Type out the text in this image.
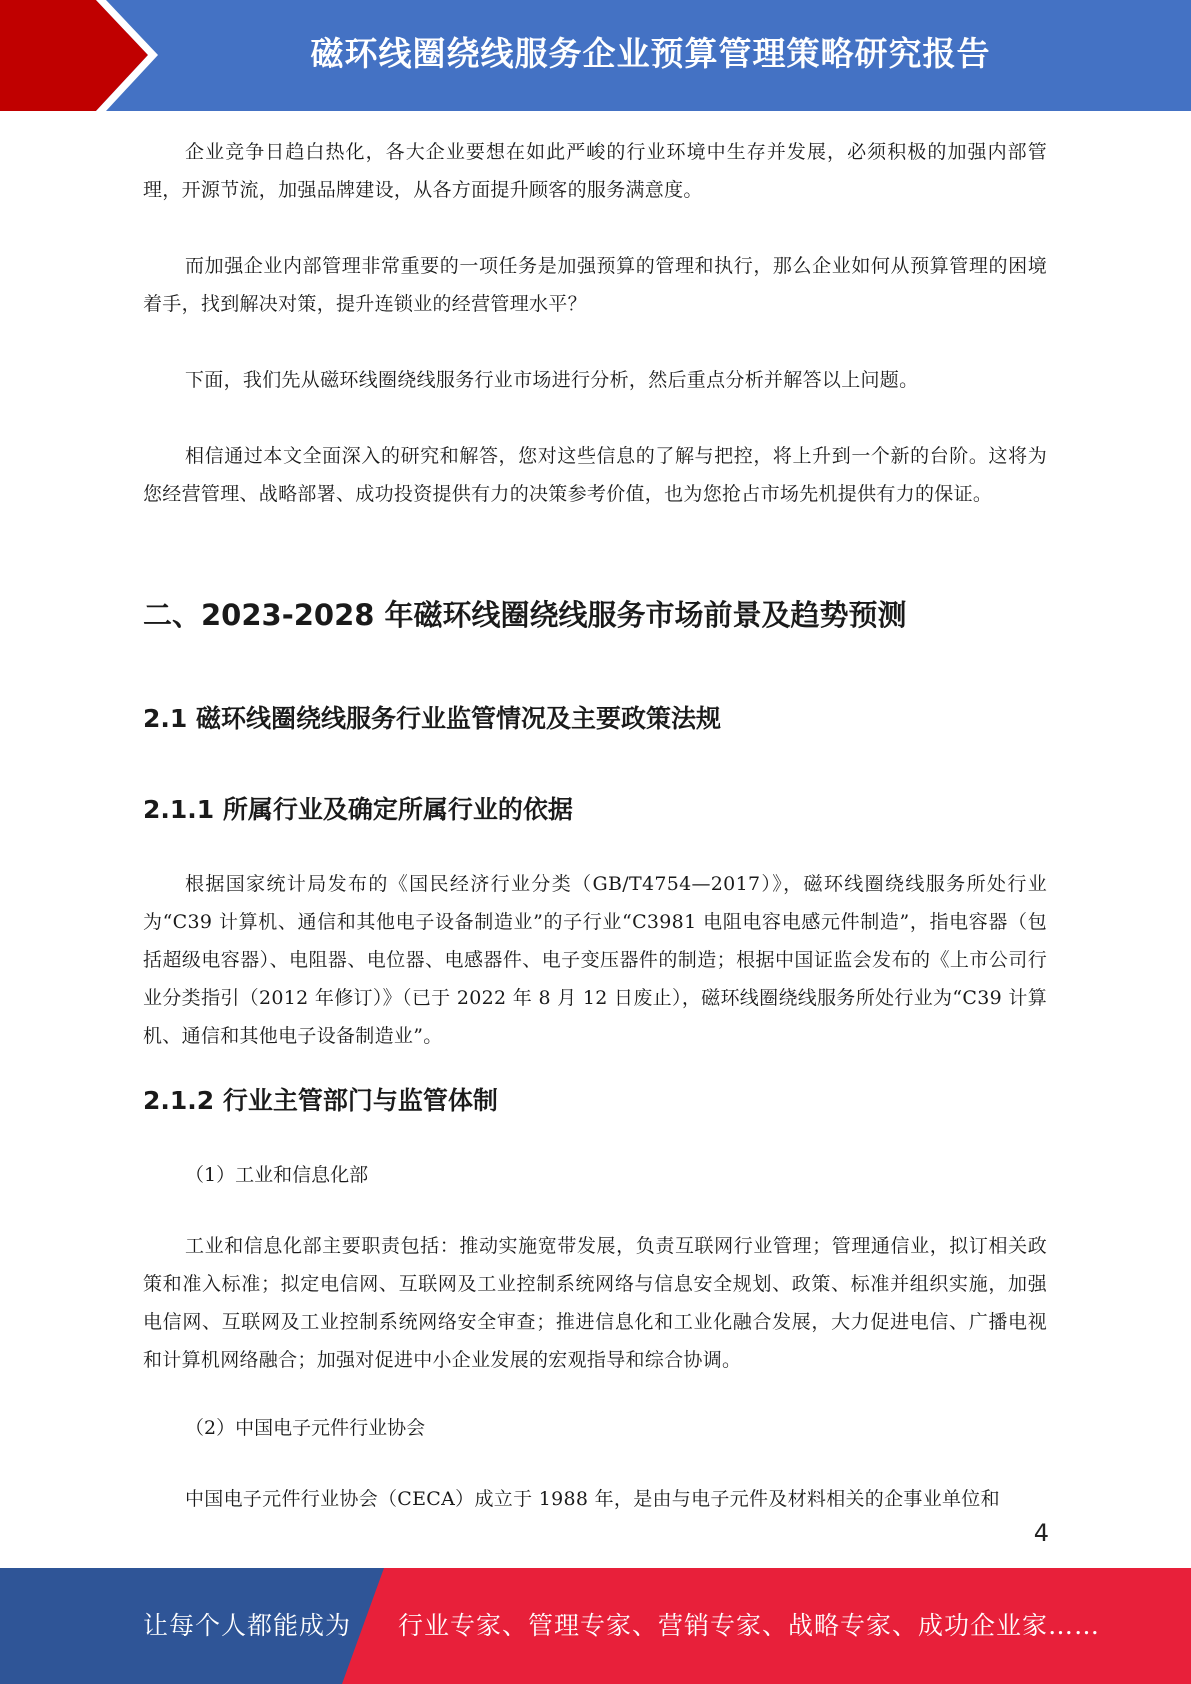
磁环线圈绕线服务企业预算管理策略研究报告

企业竞争日趋白热化，各大企业要想在如此严峻的行业环境中生存并发展，必须积极的加强内部管理，开源节流，加强品牌建设，从各方面提升顾客的服务满意度。

而加强企业内部管理非常重要的一项任务是加强预算的管理和执行，那么企业如何从预算管理的困境着手，找到解决对策，提升连锁业的经营管理水平？

下面，我们先从磁环线圈绕线服务行业市场进行分析，然后重点分析并解答以上问题。

相信通过本文全面深入的研究和解答，您对这些信息的了解与把控，将上升到一个新的台阶。这将为您经营管理、战略部署、成功投资提供有力的决策参考价值，也为您抢占市场先机提供有力的保证。

二、2023-2028 年磁环线圈绕线服务市场前景及趋势预测
2.1 磁环线圈绕线服务行业监管情况及主要政策法规
2.1.1 所属行业及确定所属行业的依据

根据国家统计局发布的《国民经济行业分类（GB/T4754—2017）》，磁环线圈绕线服务所处行业为“C39 计算机、通信和其他电子设备制造业”的子行业“C3981 电阻电容电感元件制造”，指电容器（包括超级电容器）、电阻器、电位器、电感器件、电子变压器件的制造；根据中国证监会发布的《上市公司行业分类指引（2012 年修订）》（已于 2022 年 8 月 12 日废止），磁环线圈绕线服务所处行业为“C39 计算机、通信和其他电子设备制造业”。

2.1.2 行业主管部门与监管体制

（1）工业和信息化部

工业和信息化部主要职责包括：推动实施宽带发展，负责互联网行业管理；管理通信业，拟订相关政策和准入标准；拟定电信网、互联网及工业控制系统网络与信息安全规划、政策、标准并组织实施，加强电信网、互联网及工业控制系统网络安全审查；推进信息化和工业化融合发展，大力促进电信、广播电视和计算机网络融合；加强对促进中小企业发展的宏观指导和综合协调。

（2）中国电子元件行业协会

中国电子元件行业协会（CECA）成立于 1988 年，是由与电子元件及材料相关的企事业单位和

4
让每个人都能成为 行业专家、管理专家、营销专家、战略专家、成功企业家……
